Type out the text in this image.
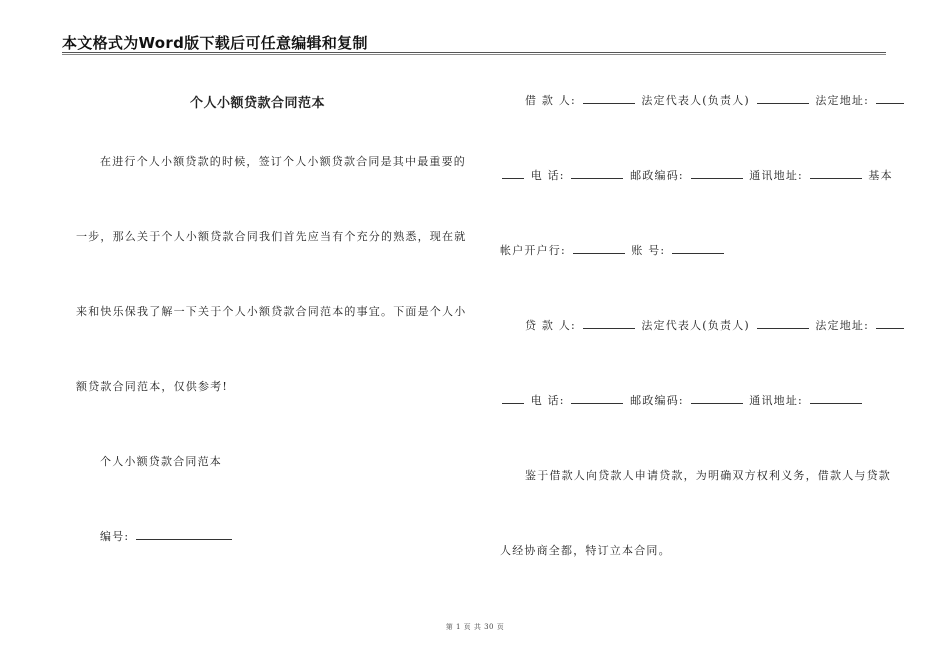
本文格式为Word版下载后可任意编辑和复制
个人小额贷款合同范本
在进行个人小额贷款的时候，签订个人小额贷款合同是其中最重要的
一步，那么关于个人小额贷款合同我们首先应当有个充分的熟悉，现在就
来和快乐保我了解一下关于个人小额贷款合同范本的事宜。下面是个人小
额贷款合同范本，仅供参考!
个人小额贷款合同范本
编号:
借 款 人:	法定代表人(负责人)	法定地址:
电 话:	邮政编码:	通讯地址:	基本
帐户开户行:	账 号:
贷 款 人:	法定代表人(负责人)	法定地址:
电 话:	邮政编码:	通讯地址:
鉴于借款人向贷款人申请贷款，为明确双方权利义务，借款人与贷款
人经协商全都，特订立本合同。
第 1 页 共 30 页
